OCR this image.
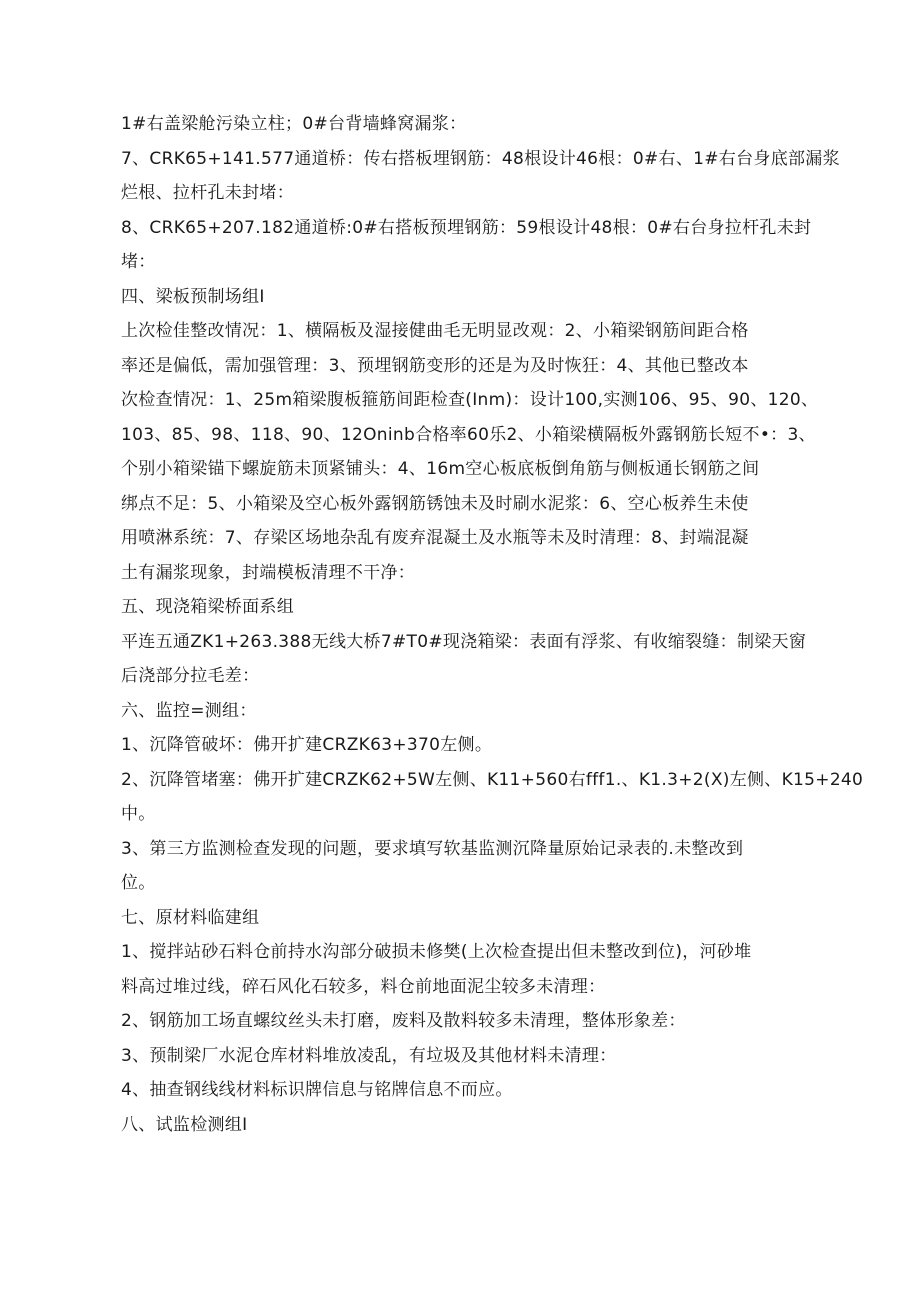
1#右盖梁舱污染立柱；0#台背墙蜂窝漏浆：
7、CRK65+141.577通道桥：传右搭板埋钢筋：48根设计46根：0#右、1#右台身底部漏浆
烂根、拉杆孔未封堵：
8、CRK65+207.182通道桥:0#右搭板预埋钢筋：59根设计48根：0#右台身拉杆孔未封
堵：
四、梁板预制场组I
上次检佳整改情况：1、横隔板及湿接健曲毛无明显改观：2、小箱梁钢筋间距合格
率还是偏低，需加强管理：3、预埋钢筋变形的还是为及时恢狂：4、其他已整改本
次检查情况：1、25m箱梁腹板箍筋间距检查(Inm)：设计100,实测106、95、90、120、
103、85、98、118、90、12Oninb合格率60乐2、小箱梁横隔板外露钢筋长短不•：3、
个别小箱梁锚下螺旋筋未顶紧铺头：4、16m空心板底板倒角筋与侧板通长钢筋之间
绑点不足：5、小箱梁及空心板外露钢筋锈蚀未及时刷水泥浆：6、空心板养生未使
用喷淋系统：7、存梁区场地杂乱有废弃混凝土及水瓶等未及时清理：8、封端混凝
土有漏浆现象，封端模板清理不干净：
五、现浇箱梁桥面系组
平连五通ZK1+263.388无线大桥7#T0#现浇箱梁：表面有浮浆、有收缩裂缝：制梁天窗
后浇部分拉毛差：
六、监控=测组：
1、沉降管破坏：佛开扩建CRZK63+370左侧。
2、沉降管堵塞：佛开扩建CRZK62+5W左侧、K11+560右fff1.、K1.3+2(X)左侧、K15+240
中。
3、第三方监测检查发现的问题，要求填写软基监测沉降量原始记录表的.未整改到
位。
七、原材料临建组
1、搅拌站砂石料仓前持水沟部分破损未修樊(上次检查提出但未整改到位)，河砂堆
料高过堆过线，碎石风化石较多，料仓前地面泥尘较多未清理：
2、钢筋加工场直螺纹丝头未打磨，废料及散料较多未清理，整体形象差：
3、预制梁厂水泥仓库材料堆放凌乱，有垃圾及其他材料未清理：
4、抽查钢线线材料标识牌信息与铭牌信息不而应。
八、试监检测组I
